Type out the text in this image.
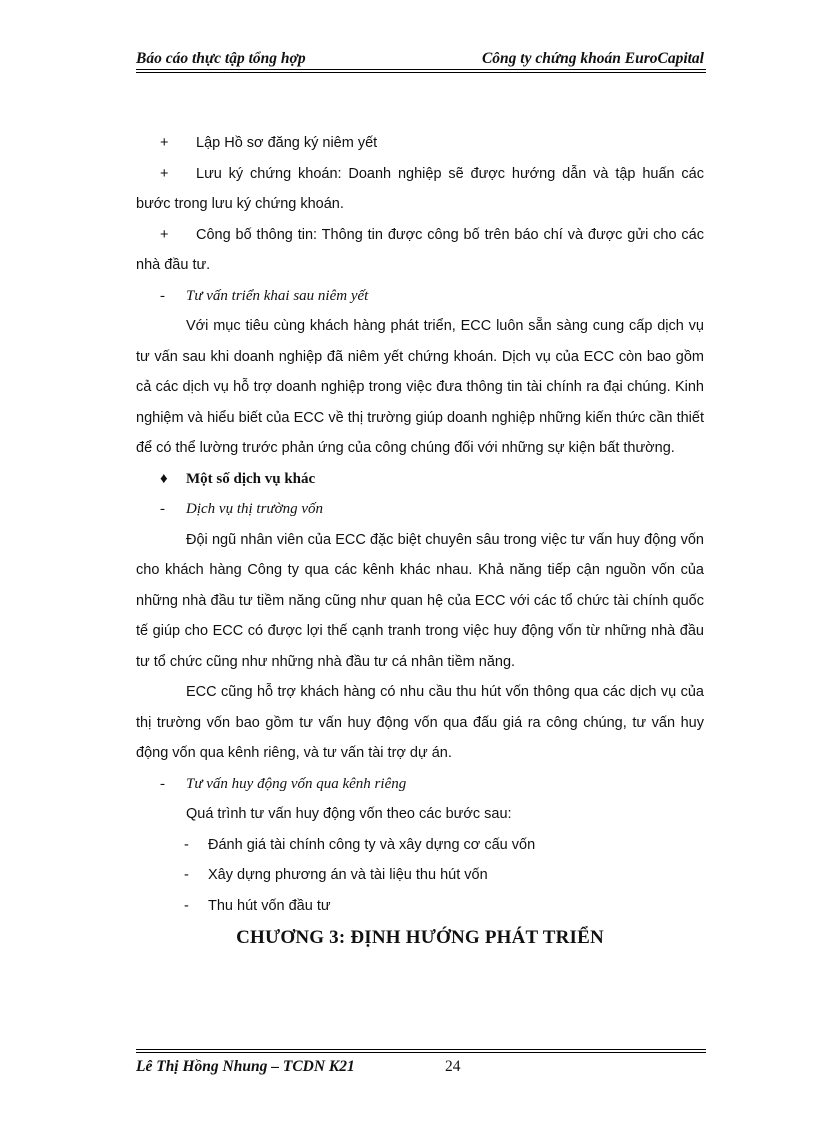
Báo cáo thực tập tổng hợp	Công ty chứng khoán EuroCapital

+ Lập Hồ sơ đăng ký niêm yết

+ Lưu ký chứng khoán: Doanh nghiệp sẽ được hướng dẫn và tập huấn các bước trong lưu ký chứng khoán.

+ Công bố thông tin: Thông tin được công bố trên báo chí và được gửi cho các nhà đầu tư.

- Tư vấn triển khai sau niêm yết

Với mục tiêu cùng khách hàng phát triển, ECC luôn sẵn sàng cung cấp dịch vụ tư vấn sau khi doanh nghiệp đã niêm yết chứng khoán. Dịch vụ của ECC còn bao gồm cả các dịch vụ hỗ trợ doanh nghiệp trong việc đưa thông tin tài chính ra đại chúng. Kinh nghiệm và hiểu biết của ECC về thị trường giúp doanh nghiệp những kiến thức cần thiết để có thể lường trước phản ứng của công chúng đối với những sự kiện bất thường.

♦ Một số dịch vụ khác

- Dịch vụ thị trường vốn

Đội ngũ nhân viên của ECC đặc biệt chuyên sâu trong việc tư vấn huy động vốn cho khách hàng Công ty qua các kênh khác nhau. Khả năng tiếp cận nguồn vốn của những nhà đầu tư tiềm năng cũng như quan hệ của ECC với các tổ chức tài chính quốc tế giúp cho ECC có được lợi thế cạnh tranh trong việc huy động vốn từ những nhà đầu tư tổ chức cũng như những nhà đầu tư cá nhân tiềm năng.

ECC cũng hỗ trợ khách hàng có nhu cầu thu hút vốn thông qua các dịch vụ của thị trường vốn bao gồm tư vấn huy động vốn qua đấu giá ra công chúng, tư vấn huy động vốn qua kênh riêng, và tư vấn tài trợ dự án.

- Tư vấn huy động vốn qua kênh riêng

Quá trình tư vấn huy động vốn theo các bước sau:

- Đánh giá tài chính công ty và xây dựng cơ cấu vốn

- Xây dựng phương án và tài liệu thu hút vốn

- Thu hút vốn đầu tư

CHƯƠNG 3: ĐỊNH HƯỚNG PHÁT TRIỂN

Lê Thị Hồng Nhung – TCDN K21	24
